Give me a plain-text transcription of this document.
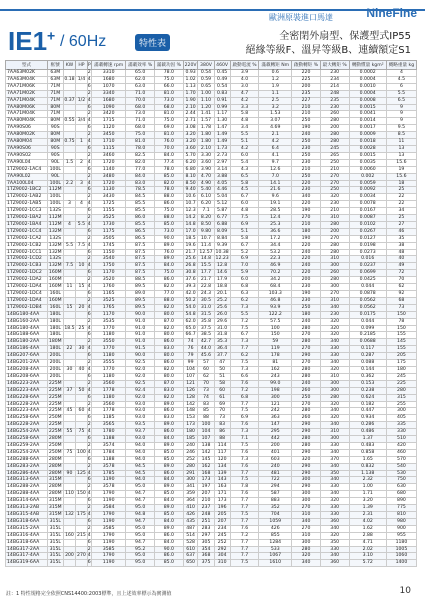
歐洲原裝進口馬達	NineFine
IE1+ / 60Hz	特性表
全密閉外扇型、保護型式IP55
絕緣等級F、溫昇等級B、連續額定S1
型式	框號	KW	HP	P	滿載轉速 rpm	滿載效率 %	滿載功因 %	220V	380V	460V	啟動電流 %	滿載轉矩 Nm	啟動轉矩 %	最大轉矩 %	轉動慣量 kgm²	概略重量 kg
7AA63M02K	63M			2	3310	65.0	78.0	0.93	0.54	0.45	3.9	0.6	220	230	0.0002	4
7AA63M04K	63M	0.18	1/4	4	1680	62.0	75.0	1.02	0.59	0.49	4.0	1.2	225	234	0.0004	4.5
7AA71M06K	71M			6	1070	63.0	66.0	1.13	0.65	0.54	3.0	1.9	200	214	0.0010	6
7AA71M02K	71M			2	3340	71.0	81.0	1.70	1.00	0.83	4.7	1.1	235	248	0.0004	5.5
7AA71M04K	71M	0.37	1/2	4	1680	70.0	73.0	1.90	1.10	0.91	4.2	2.5	227	235	0.0008	6.5
7AA80M06K	80M			6	1090	68.0	68.0	2.10	1.20	0.99	3.3	3.2	210	230	0.0015	9
7AA71M04K	71M			2	3420	73.0	81.0	2.44	1.41	1.17	5.8	1.53	210	260	0.0041	9
7AA80M04K	80M	0.55	3/4	4	1715	71.0	75.0	2.71	1.57	1.30	4.8	3.07	250	280	0.0014	9
7AA90S06	90S			6	1120	68.0	69.0	3.08	1.78	1.47	3.4	4.69	190	200	0.0017	9.5
7AA80M02K	80M			2	3450	75.0	81.0	3.20	1.80	1.49	5.5	2.1	240	280	0.0009	8.5
7AA80M04	80M	0.75	1	4	1710	81.0	76.0	3.20	1.80	1.49	5.1	4.2	250	280	0.0018	11
7AA90S06	90S			6	1115	78.0	70.0	3.60	2.10	1.73	4.2	6.4	230	245	0.0028	13
7AA90S02	90S			2	3460	82.5	84.0	5.70	3.30	2.73	6.0	4.1	250	265	0.0015	13
7AA90L04	90L	1.5	2	4	1720	82.0	77.4	6.20	3.60	2.97	5.4	9.7	230	250	0.0035	15.6
1TZ9002-1AC4	100L			6	1140	77.0	78.0	6.80	3.90	3.14	4.3	12.6	210	210	0.0060	19
7AA90L02	90L			2	3480	84.0	85.0	8.10	4.70	3.88	6.5	7.0	250	270	0.002	15.6
7AA100L04	100L	2.2	3	4	1720	83.0	82.0	8.50	4.90	4.05	5.8	14.1	220	270	0.0059	18
1TZ9002-1BC2	112M			6	1130	78.5	78.0	9.40	5.40	4.46	4.5	21.6	230	250	0.0092	25
1TZ9002-1AB2	100L			2	3430	84.5	88.0	10.6	6.10	5.04	6.7	9.6	340	320	0.0034	22
1TZ9002-1AB5	100L	3	4	4	1725	85.5	86.0	10.7	6.20	5.12	6.0	19.1	220	230	0.0078	22
1TZ9002-1CC3	132S			6	1155	85.5	75.0	12.3	7.1	5.87	4.8	28.5	190	210	0.0167	34
1TZ9002-1BA2	112M			2	3525	86.0	88.0	14.2	8.20	6.77	7.5	12.4	270	310	0.0087	25
1TZ9002-1BA4	112M	4	5.5	4	1730	85.5	85.0	14.8	8.50	6.88	6.9	25.3	210	280	0.0102	27
1TZ9002-1CC4	132M			6	1175	86.5	73.0	17.0	9.80	8.09	5.1	36.6	180	200	0.0267	46
1TZ9002-1CA2	132S			2	3505	86.5	90.0	18.5	10.7	8.84	5.8	17.2	190	270	0.0127	35
1TZ9002-1CB2	132M	5.5	7.5	4	1745	87.5	89.0	19.6	11.4	9.39	6.7	34.4	220	280	0.0198	38
1TZ9002-1CC1	132M			6	1150	87.5	76.0	21.7	12.57	10.38	5.2	53.2	240	280	0.0273	48
1TZ9002-1CD2	132S			2	3540	87.5	89.0	25.6	14.8	12.23	6.9	22.3	220	310	0.016	40
1TZ9002-1CB3	132M	7.5	10	4	1750	87.5	84.0	26.8	15.5	12.8	7.0	46.9	240	300	0.0237	49
1TZ9002-1DC2	160M			6	1170	87.5	75.0	30.8	17.7	14.6	5.9	70.2	220	260	0.0699	72
1TZ9002-1DA2	160M			2	3520	88.5	86.0	37.6	21.7	17.9	6.0	34.2	200	280	0.0425	70
1TZ9002-1DA4	160M	11	15	4	1760	89.5	82.0	39.3	22.8	18.8	6.8	68.4	230	300	0.044	62
1TZ9002-1DC4	160L			6	1165	89.0	77.0	42.0	24.3	20.1	6.3	103.3	190	270	0.0878	92
1TZ9002-1DA4	160M			2	3525	89.5	88.0	50.2	30.5	25.2	6.2	46.8	230	310	0.0562	68
1TZ9002-1DB4	160L	15	20	4	1765	89.5	82.0	54.0	31.0	25.6	7.3	93.9	250	340	0.0562	73
14BG180-4AA	180L			6	1170	90.0	80.0	54.8	31.5	26.0	5.5	122.2	180	230	0.0175	150
14BG160-2AA	180L			2	3535	91.0	87.0	62.0	35.8	29.6	7.2	57.5	240	320	0.044	78
14BG180-4AA	180L	18.5	25	4	1770	91.0	82.0	65.0	37.5	31.0	7.5	100	280	320	0.099	150
14BG188-6AA	180L			6	1180	91.0	80.0	66.7	38.5	31.8	6.7	150	270	320	0.2185	155
14BG180-2AA	180M			2	3550	91.0	86.0	74	42.7	35.3	7.3	59	280	340	0.0688	145
14BG186-4AA	180L	22	30	4	1770	91.5	83.0	76	44.0	36.4	7.7	119	270	330	0.117	155
14BG207-6AA	200L			6	1180	90.0	80.0	79	45.6	37.7	6.2	178	290	330	0.287	205
14BG201-2AA	200L			2	3555	92.5	86.0	99	57	47	7.5	81	270	340	0.088	175
14BG208-4AA	200L	30	40	4	1770	92.0	82.0	104	60	50	7.3	162	280	320	0.144	180
14BG208-6AA	200L			6	1180	92.0	80.0	107	62	51	6.6	243	280	310	0.362	245
14BG223-2AA	225M			2	3560	92.5	87.0	121	70	58	7.6	99.0	240	300	0.153	225
14BG223-4AA	225M	37	50	4	1778	92.4	83.0	126	73	60	7.2	198	260	300	0.238	280
14BG228-6AA	225M			6	1180	92.0	82.0	128	74	61	6.8	300	250	280	0.624	315
14BG228-2AA	225M			2	3560	93.0	89.0	142	83	69	7.7	121	270	320	0.182	255
14BG223-4AA	225M	45	60	4	1778	93.0	86.0	148	85	70	7.5	242	280	340	0.447	300
14BG258-6AA	250M			6	1185	93.0	83.0	153	88	73	6.9	363	260	320	0.934	405
14BG228-2AA	225M			2	3565	93.5	89.0	173	100	83	7.6	147	290	340	0.286	335
14BG254-2AA	225M	55	75	4	1780	93.7	86.0	180	104	86	7.3	295	290	310	0.486	330
14BG258-6AA	280M			6	1188	93.0	84.0	185	107	88	7.1	442	280	300	1.37	510
14BG259-2AA	250M			2	3574	94.0	89.0	240	138	114	7.5	200	280	330	0.483	420
14BG254-2AA	250M	75	100	4	1784	94.0	85.0	246	142	117	7.6	401	290	340	0.858	460
14BG288-6AA	280M			6	1188	94.0	85.0	252	145	120	7.3	603	320	370	1.65	570
14BG283-2AA	280M			2	3578	94.5	89.0	280	162	134	7.6	240	290	340	0.832	540
14BG286-4AA	280M	90	125	4	1785	94.5	86.0	291	168	139	7.7	481	290	350	1.138	530
14BG313-6AA	315M			6	1190	94.0	84.0	300	173	143	7.5	722	300	340	2.32	750
14BG288-2AA	280M			2	3578	95.0	89.0	341	197	163	7.8	294	290	330	1.00	630
14BG288-4AA	280M	110	150	4	1790	94.7	85.0	359	207	171	7.6	587	300	340	1.71	680
14BG314-6AA	315M			6	1190	94.7	84.0	364	210	173	7.7	883	300	320	3.20	890
14BG313-2AB	315M			2	3584	95.0	89.0	410	237	196	7.7	352	270	330	1.39	775
14BG315-4AB	315M	132	175	4	1790	94.8	85.0	426	248	205	7.5	704	310	330	2.31	810
14BG318-6AA	315L			6	1190	94.7	84.0	435	251	207	7.7	1059	340	360	4.02	980
14BG315-2AA	315L			2	3585	95.0	89.0	487	283	234	7.6	426	270	340	1.62	900
14BG316-4AA	315L	160	215	4	1790	95.0	86.0	514	297	245	7.2	855	310	320	2.88	955
14BG318-6AA	315L			6	1190	94.7	84.0	528	305	252	7.7	1284	300	350	4.71	1180
14BG317-2AA	315L			2	3585	95.2	90.0	610	354	292	7.7	533	280	330	2.02	1005
14BG317-4AA	315L	200	270	4	1790	95.0	86.0	637	368	304	7.7	1067	320	340	3.10	1060
14BG319-6AA	315L			6	1190	95.0	85.0	650	375	310	7.5	1610	340	360	5.72	1400
註：1 特性規格完全依照CNS14400:2003標準，且上述效率標示為實測值	10
